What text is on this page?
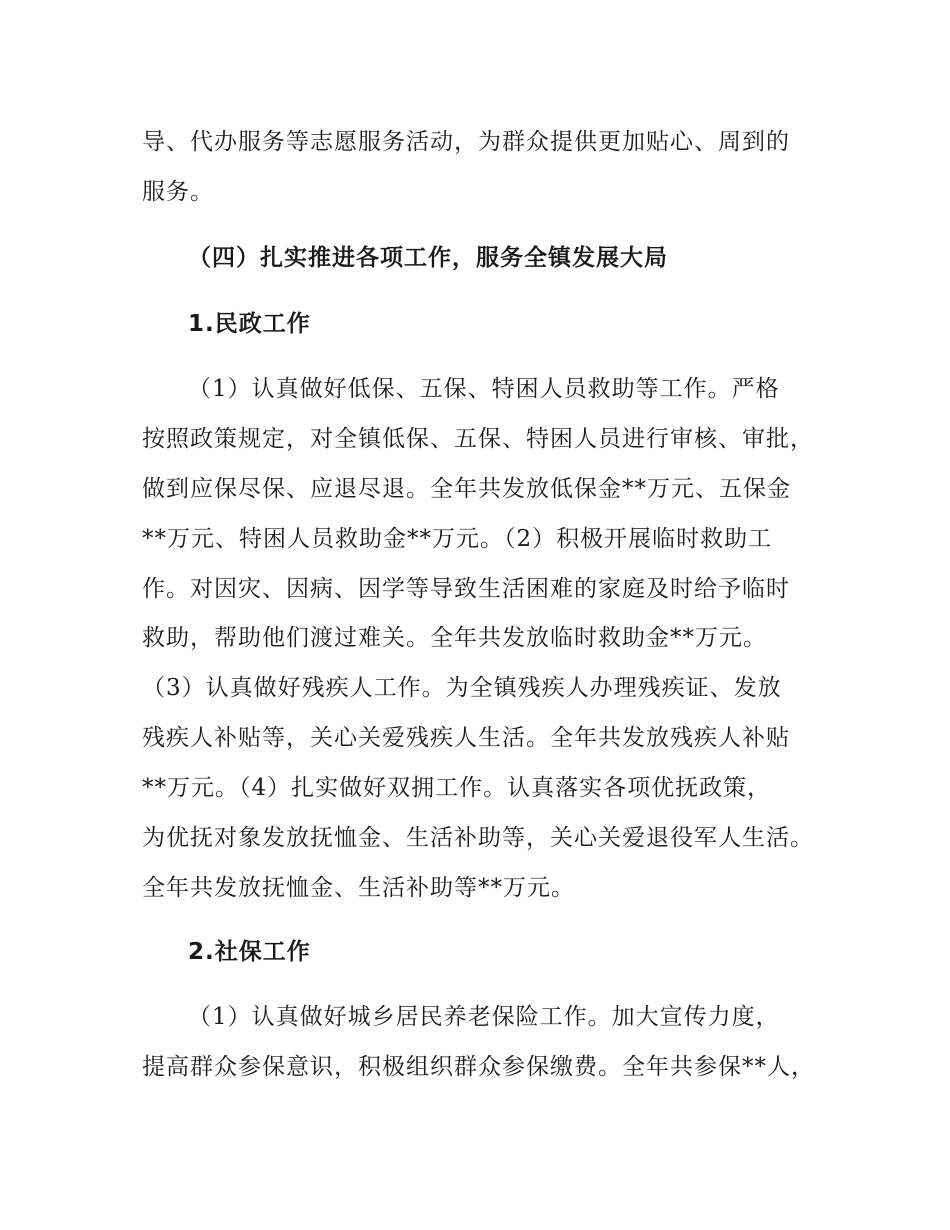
导、代办服务等志愿服务活动，为群众提供更加贴心、周到的
服务。
（四）扎实推进各项工作，服务全镇发展大局
1.民政工作
（1）认真做好低保、五保、特困人员救助等工作。严格
按照政策规定，对全镇低保、五保、特困人员进行审核、审批，
做到应保尽保、应退尽退。全年共发放低保金**万元、五保金
**万元、特困人员救助金**万元。（2）积极开展临时救助工
作。对因灾、因病、因学等导致生活困难的家庭及时给予临时
救助，帮助他们渡过难关。全年共发放临时救助金**万元。
（3）认真做好残疾人工作。为全镇残疾人办理残疾证、发放
残疾人补贴等，关心关爱残疾人生活。全年共发放残疾人补贴
**万元。（4）扎实做好双拥工作。认真落实各项优抚政策，
为优抚对象发放抚恤金、生活补助等，关心关爱退役军人生活。
全年共发放抚恤金、生活补助等**万元。
2.社保工作
（1）认真做好城乡居民养老保险工作。加大宣传力度，
提高群众参保意识，积极组织群众参保缴费。全年共参保**人，
